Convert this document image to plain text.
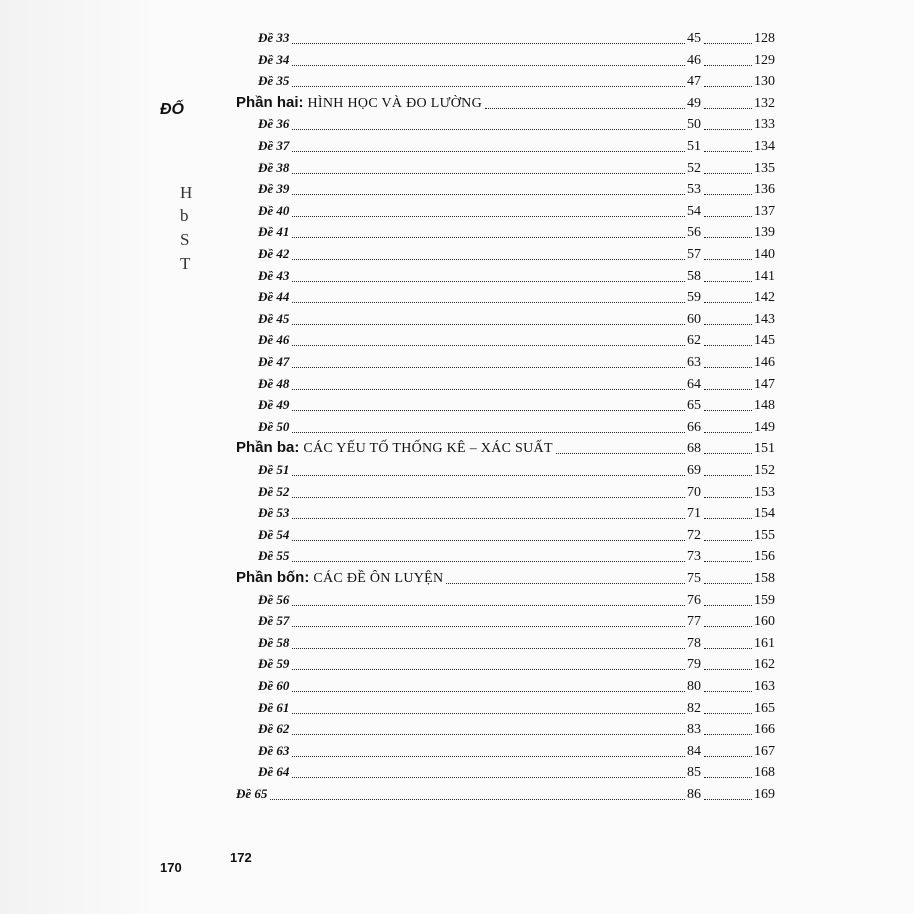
ĐỐ
H
b
S
T
170
172
Đề 33	45	128
Đề 34	46	129
Đề 35	47	130
Phần hai: HÌNH HỌC VÀ ĐO LƯỜNG	49	132
Đề 36	50	133
Đề 37	51	134
Đề 38	52	135
Đề 39	53	136
Đề 40	54	137
Đề 41	56	139
Đề 42	57	140
Đề 43	58	141
Đề 44	59	142
Đề 45	60	143
Đề 46	62	145
Đề 47	63	146
Đề 48	64	147
Đề 49	65	148
Đề 50	66	149
Phần ba: CÁC YẾU TỐ THỐNG KÊ – XÁC SUẤT	68	151
Đề 51	69	152
Đề 52	70	153
Đề 53	71	154
Đề 54	72	155
Đề 55	73	156
Phần bốn: CÁC ĐỀ ÔN LUYỆN	75	158
Đề 56	76	159
Đề 57	77	160
Đề 58	78	161
Đề 59	79	162
Đề 60	80	163
Đề 61	82	165
Đề 62	83	166
Đề 63	84	167
Đề 64	85	168
Đề 65	86	169
